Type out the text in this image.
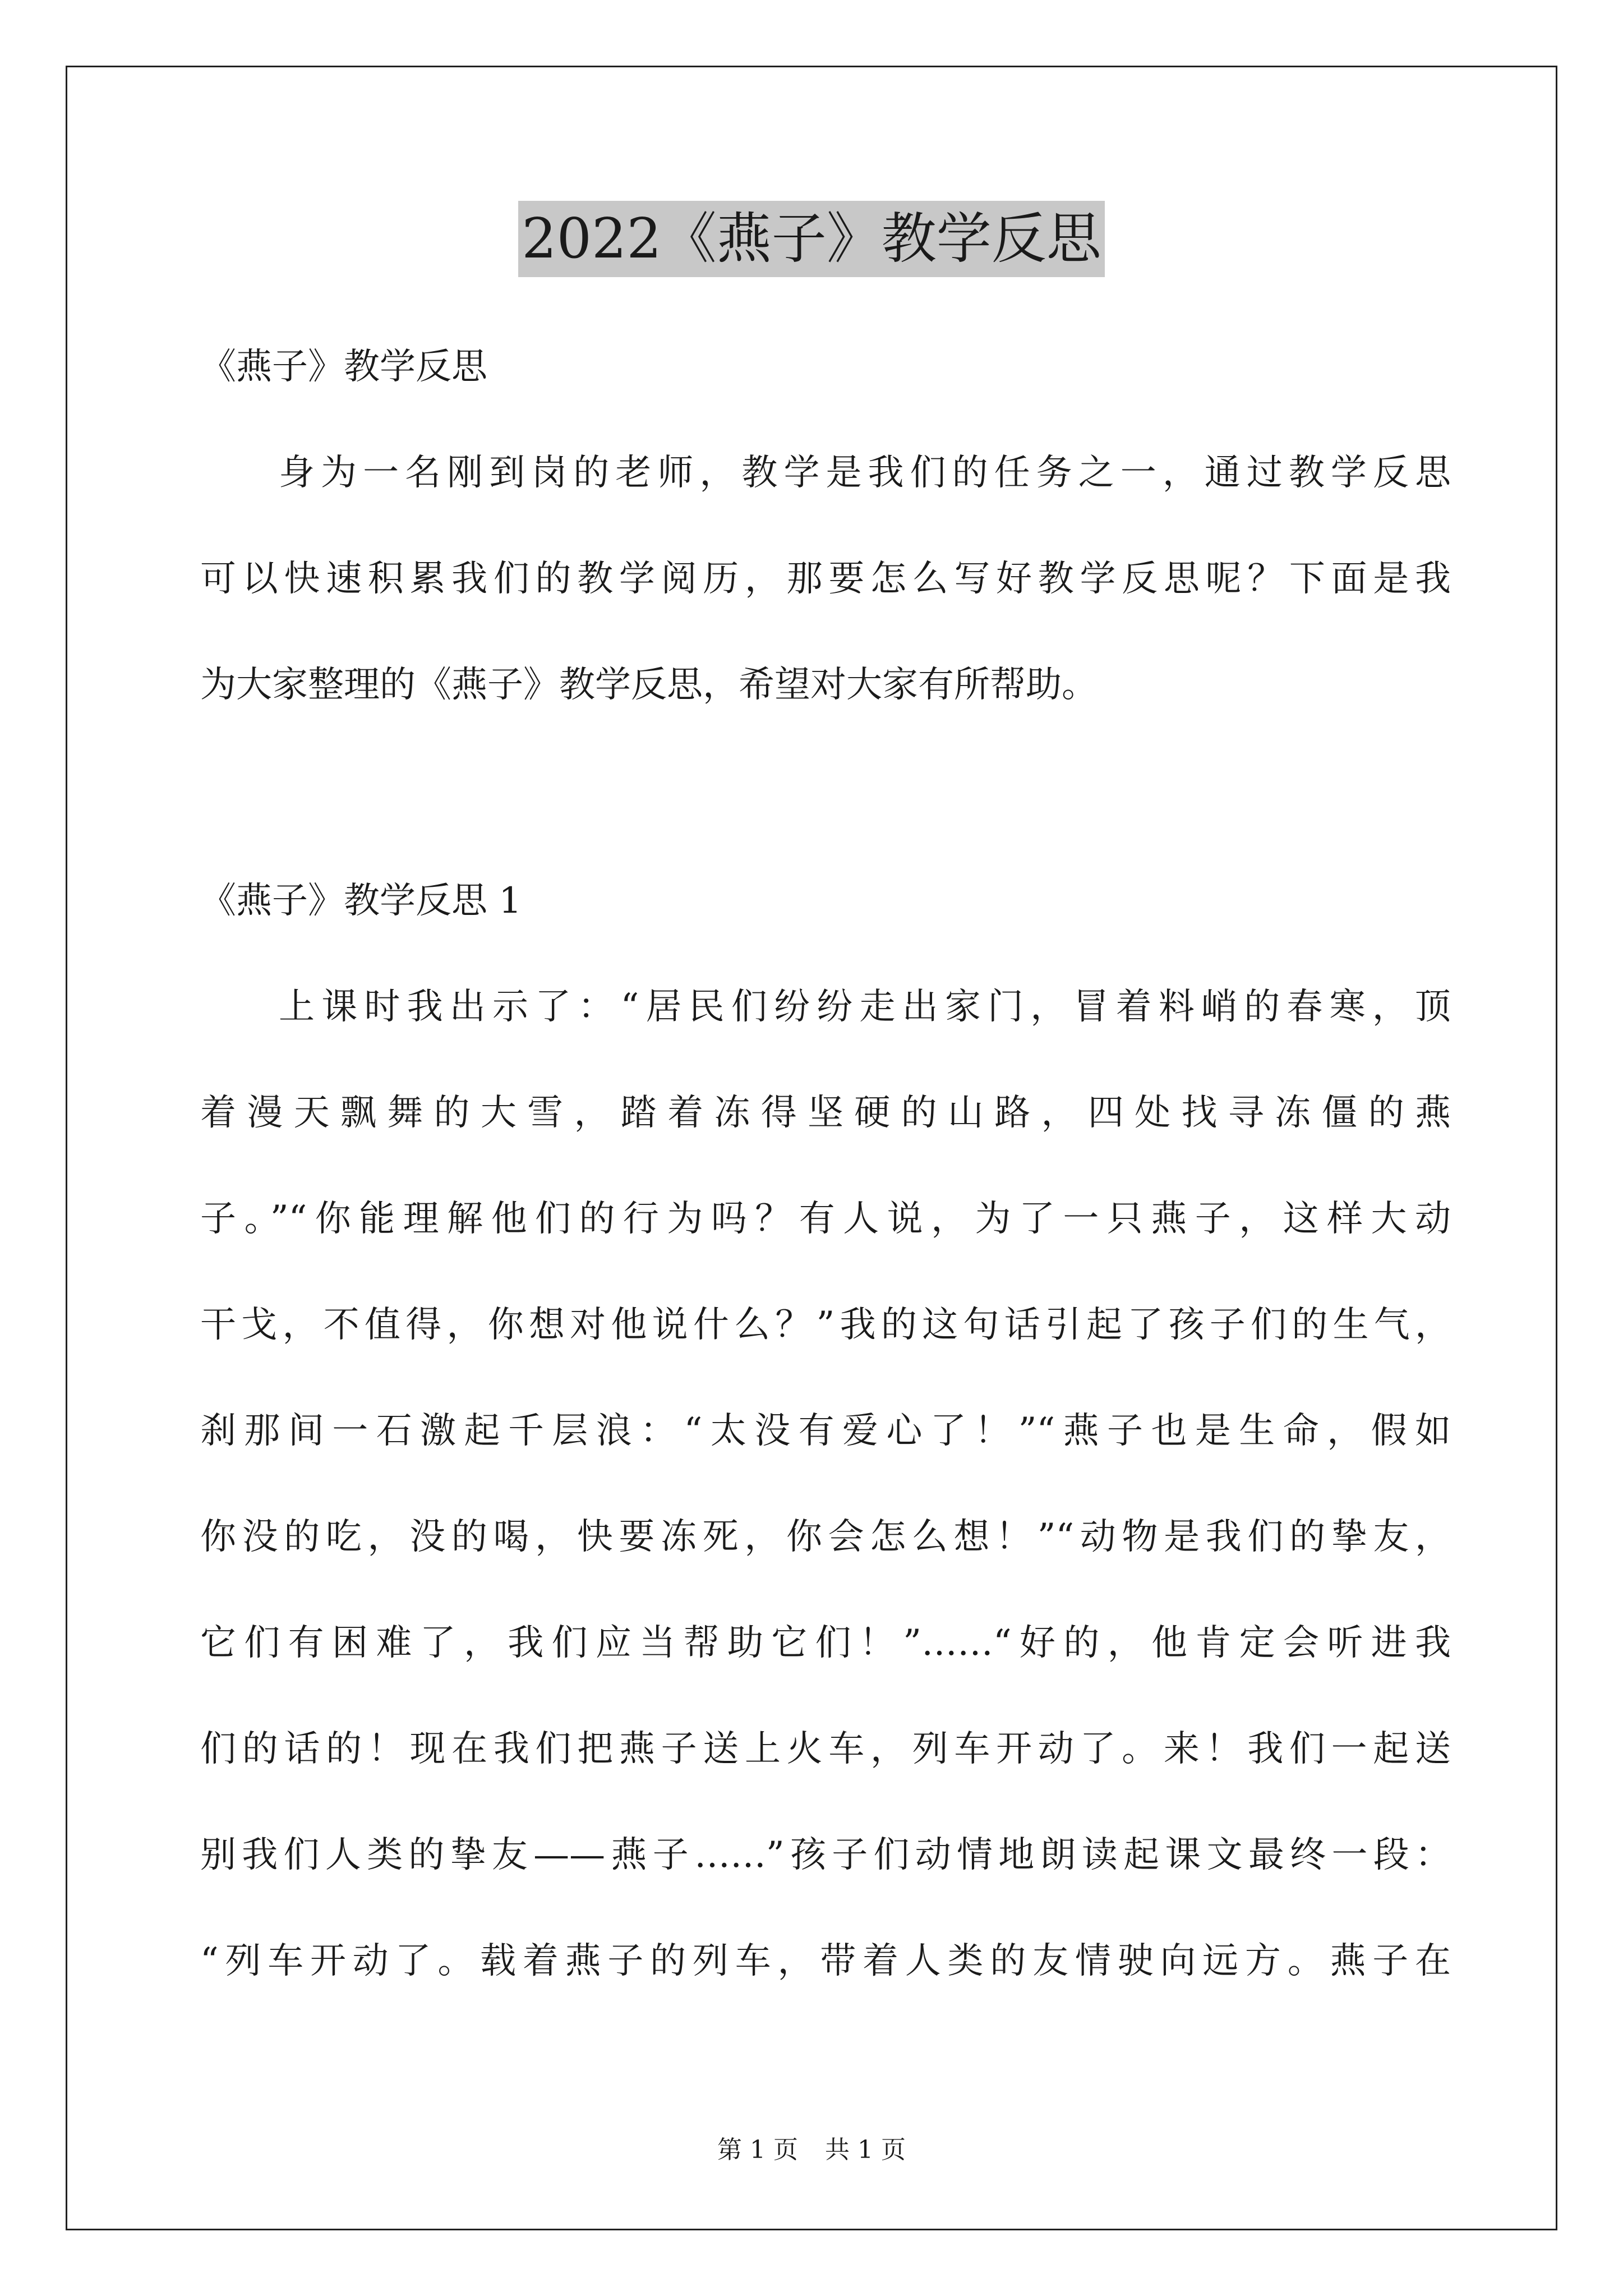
2022《燕子》教学反思
《燕子》教学反思
身为一名刚到岗的老师，教学是我们的任务之一，通过教学反思
可以快速积累我们的教学阅历，那要怎么写好教学反思呢？下面是我
为大家整理的《燕子》教学反思，希望对大家有所帮助。
《燕子》教学反思 1
上课时我出示了：“居民们纷纷走出家门，冒着料峭的春寒，顶
着漫天飘舞的大雪，踏着冻得坚硬的山路，四处找寻冻僵的燕
子。”“你能理解他们的行为吗？有人说，为了一只燕子，这样大动
干戈，不值得，你想对他说什么？”我的这句话引起了孩子们的生气，
刹那间一石激起千层浪：“太没有爱心了！”“燕子也是生命，假如
你没的吃，没的喝，快要冻死，你会怎么想！”“动物是我们的挚友，
它们有困难了，我们应当帮助它们！”……“好的，他肯定会听进我
们的话的！现在我们把燕子送上火车，列车开动了。来！我们一起送
别我们人类的挚友——燕子……”孩子们动情地朗读起课文最终一段：
“列车开动了。载着燕子的列车，带着人类的友情驶向远方。燕子在
第 1 页 共 1 页
